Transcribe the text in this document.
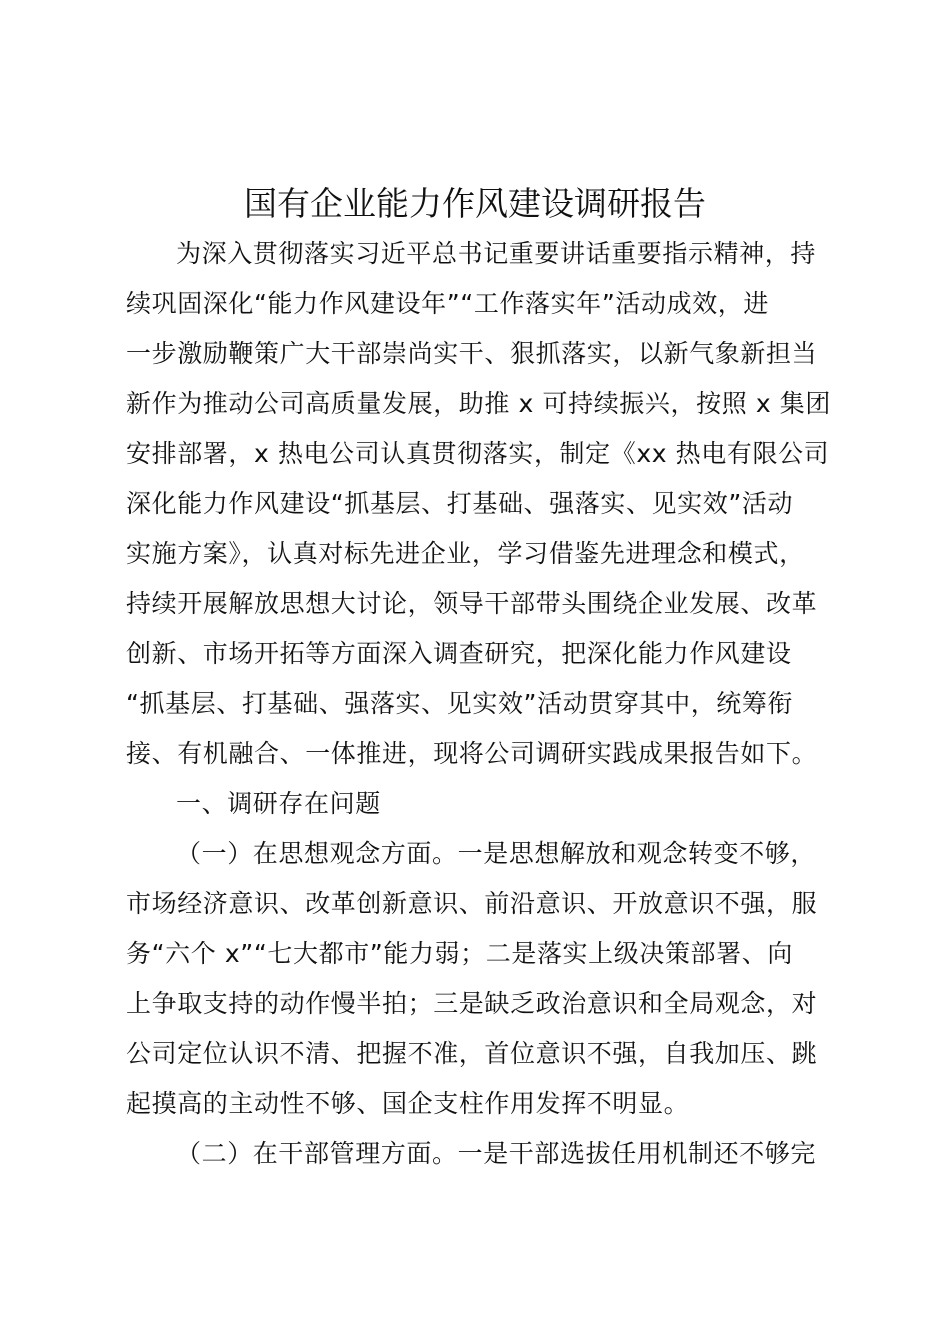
国有企业能力作风建设调研报告
为深入贯彻落实习近平总书记重要讲话重要指示精神，持
续巩固深化“能力作风建设年”“工作落实年”活动成效，进
一步激励鞭策广大干部崇尚实干、狠抓落实，以新气象新担当
新作为推动公司高质量发展，助推 x 可持续振兴，按照 x 集团
安排部署，x 热电公司认真贯彻落实，制定《xx 热电有限公司
深化能力作风建设“抓基层、打基础、强落实、见实效”活动
实施方案》，认真对标先进企业，学习借鉴先进理念和模式，
持续开展解放思想大讨论，领导干部带头围绕企业发展、改革
创新、市场开拓等方面深入调查研究，把深化能力作风建设
“抓基层、打基础、强落实、见实效”活动贯穿其中，统筹衔
接、有机融合、一体推进，现将公司调研实践成果报告如下。
一、调研存在问题
（一）在思想观念方面。一是思想解放和观念转变不够，
市场经济意识、改革创新意识、前沿意识、开放意识不强，服
务“六个 x”“七大都市”能力弱；二是落实上级决策部署、向
上争取支持的动作慢半拍；三是缺乏政治意识和全局观念，对
公司定位认识不清、把握不准，首位意识不强，自我加压、跳
起摸高的主动性不够、国企支柱作用发挥不明显。
（二）在干部管理方面。一是干部选拔任用机制还不够完
